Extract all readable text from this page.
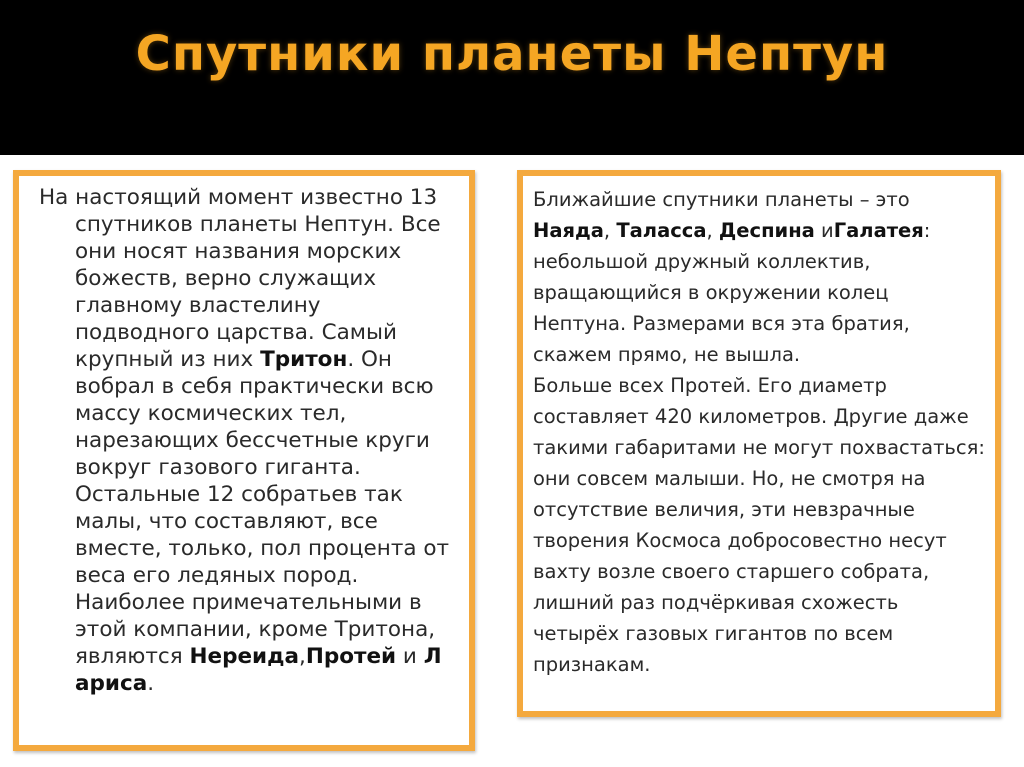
Спутники планеты Нептун

На настоящий момент известно 13 спутников планеты Нептун. Все они носят названия морских божеств, верно служащих главному властелину подводного царства. Самый крупный из них Тритон. Он вобрал в себя практически всю массу космических тел, нарезающих бессчетные круги вокруг газового гиганта. Остальные 12 собратьев так малы, что составляют, все вместе, только, пол процента от веса его ледяных пород. Наиболее примечательными в этой компании, кроме Тритона, являются Нереида,Протей и Л ариса.

Ближайшие спутники планеты – это Наяда, Таласса, Деспина иГалатея: небольшой дружный коллектив, вращающийся в окружении колец Нептуна. Размерами вся эта братия, скажем прямо, не вышла.

Больше всех Протей. Его диаметр составляет 420 километров. Другие даже такими габаритами не могут похвастаться: они совсем малыши. Но, не смотря на отсутствие величия, эти невзрачные творения Космоса добросовестно несут вахту возле своего старшего собрата, лишний раз подчёркивая схожесть четырёх газовых гигантов по всем признакам.
